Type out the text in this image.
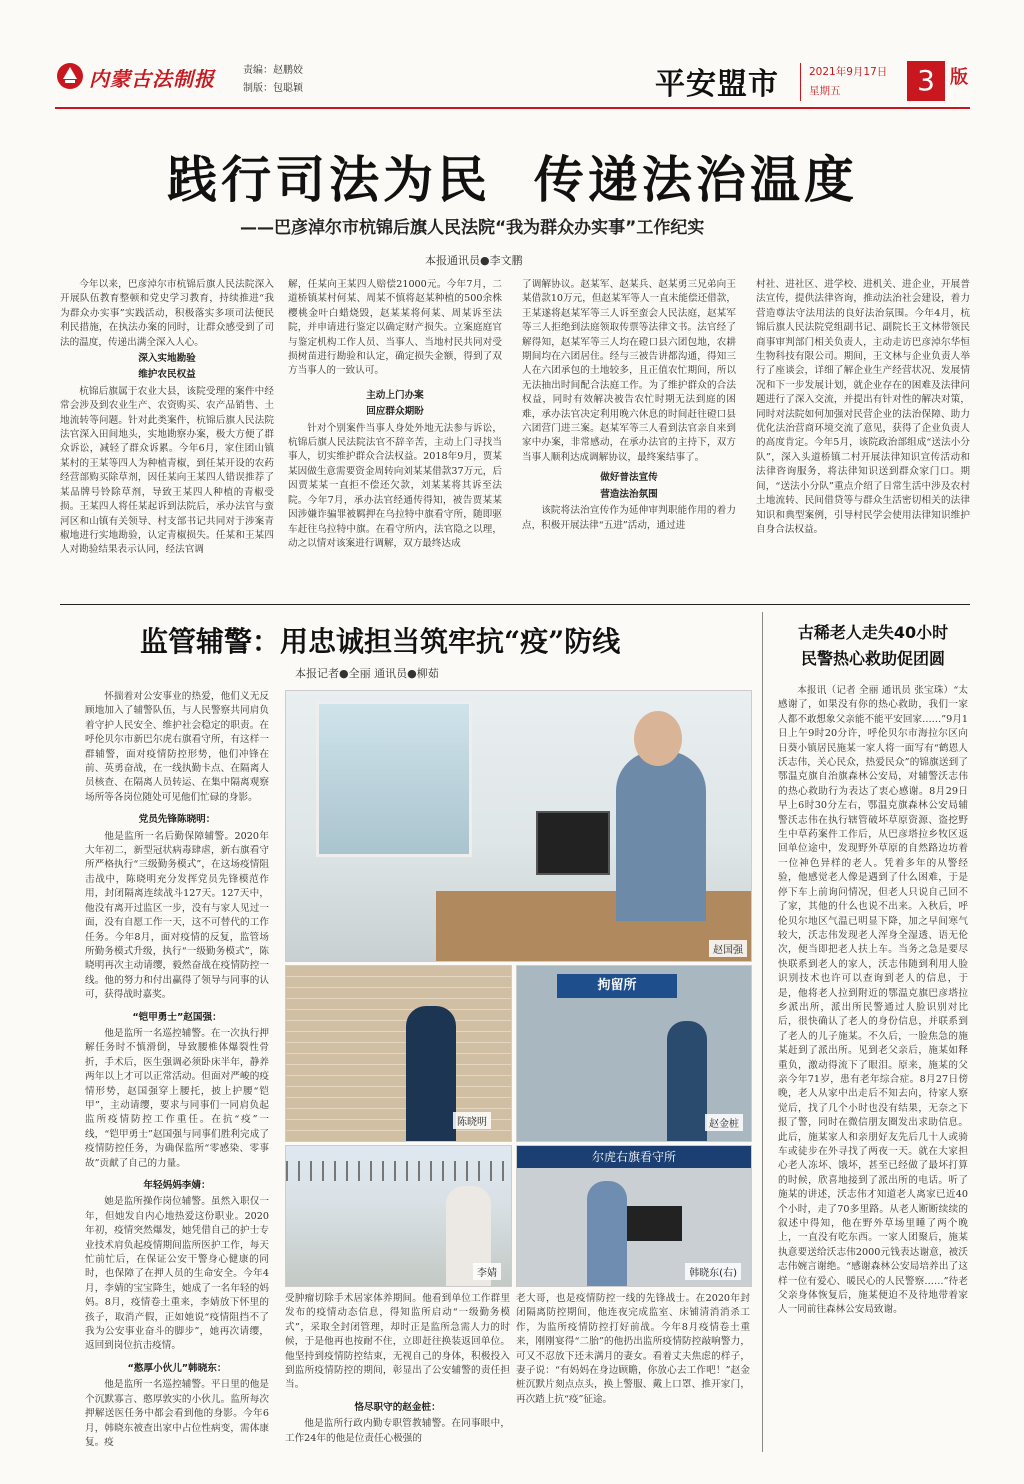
内蒙古法制报	责编：赵鹏姣
制版：包聪颖	平安盟市	2021年9月17日
星期五	3 版
践行司法为民  传递法治温度
——巴彦淖尔市杭锦后旗人民法院“我为群众办实事”工作纪实
本报通讯员●李文鹏

今年以来，巴彦淖尔市杭锦后旗人民法院深入开展队伍教育整顿和党史学习教育，持续推进“我为群众办实事”实践活动，积极落实多项司法便民利民措施，在执法办案的同时，让群众感受到了司法的温度，传递出满全深入人心。

深入实地勘验
维护农民权益

杭锦后旗属于农业大县，该院受理的案件中经常会涉及到农业生产、农资购买、农产品销售、土地流转等问题。针对此类案件，杭锦后旗人民法院法官深入田间地头，实地勘察办案，极大方便了群众诉讼，减轻了群众诉累。今年6月，家住团山镇某村的王某等四人为种植青椒，到任某开设的农药经营部购买除草剂，因任某向王某四人错误推荐了某品牌号铃除草剂，导致王某四人种植的青椒受损。王某四人将任某起诉到法院后，承办法官与蛮河区和山镇有关领导、村支部书记共同对于涉案青椒地进行实地勘验，认定青椒损失。任某和王某四人对勘验结果表示认同，经法官调

解，任某向王某四人赔偿21000元。今年7月，二道桥镇某村何某、周某不慎将赵某种植的500余株樱桃金叶白蜡烧毁，赵某某将何某、周某诉至法院，并申请进行鉴定以确定财产损失。立案庭庭官与鉴定机构工作人员、当事人、当地村民共同对受损树苗进行勘验和认定，确定损失金额，得到了双方当事人的一致认可。

主动上门办案
回应群众期盼

针对个别案件当事人身处外地无法参与诉讼，杭锦后旗人民法院法官不辞辛苦，主动上门寻找当事人，切实维护群众合法权益。2018年9月，贾某某因做生意需要资金周转向刘某某借款37万元，后因贾某某一直拒不偿还欠款，刘某某将其诉至法院。今年7月，承办法官经通传得知，被告贾某某因涉嫌诈骗罪被羁押在乌拉特中旗看守所，随即驱车赶往乌拉特中旗。在看守所内，法官隐之以理，动之以情对该案进行调解，双方最终达成

了调解协议。赵某军、赵某兵、赵某勇三兄弟向王某借款10万元，但赵某军等人一直未能偿还借款，王某遂将赵某军等三人诉至蛮会人民法庭，赵某军等三人拒绝到法庭领取传票等法律文书。法官经了解得知，赵某军等三人均在磴口县六团包地，农耕期间均在六团居住。经与三被告讲都沟通，得知三人在六团承包的土地较多，且正值农忙期间，所以无法抽出时间配合法庭工作。为了维护群众的合法权益，同时有效解决被告农忙时期无法到庭的困难，承办法官决定利用晚六休息的时间赶往磴口县六团营门进三案。赵某军等三人看到法官亲自来到家中办案，非常感动，在承办法官的主持下，双方当事人顺利达成调解协议，最终案结事了。

做好普法宣传
营造法治氛围

该院将法治宣传作为延伸审判职能作用的着力点，积极开展法律“五进”活动，通过进

村社、进社区、进学校、进机关、进企业，开展普法宣传，提供法律咨询，推动法治社会建设，着力营造尊法守法用法的良好法治氛围。今年4月，杭锦后旗人民法院党组副书记、副院长王文林带领民商事审判部门相关负责人，主动走访巴彦淖尔华恒生物科技有限公司。期间，王文林与企业负责人举行了座谈会，详细了解企业生产经营状况、发展情况和下一步发展计划，就企业存在的困难及法律问题进行了深入交流，并提出有针对性的解决对策，同时对法院如何加强对民营企业的法治保障、助力优化法治营商环境交流了意见，获得了企业负责人的高度肯定。今年5月，该院政治部组成“送法小分队”，深入头道桥镇二村开展法律知识宣传活动和法律咨询服务，将法律知识送到群众家门口。期间，“送法小分队”重点介绍了日常生活中涉及农村土地流转、民间借贷等与群众生活密切相关的法律知识和典型案例，引导村民学会使用法律知识维护自身合法权益。

监管辅警：用忠诚担当筑牢抗“疫”防线
本报记者●全丽 通讯员●柳茹

怀揣着对公安事业的热爱，他们义无反顾地加入了辅警队伍，与人民警察共同肩负着守护人民安全、维护社会稳定的职责。在呼伦贝尔市新巴尔虎右旗看守所，有这样一群辅警，面对疫情防控形势，他们冲锋在前、英勇奋战，在一线执勤卡点、在隔离人员核查、在隔离人员转运、在集中隔离观察场所等各岗位随处可见他们忙碌的身影。

党员先锋陈晓明：

他是监所一名后勤保障辅警。2020年大年初二，新型冠状病毒肆虐，新右旗看守所严格执行“三级勤务模式”，在这场疫情阻击战中，陈晓明充分发挥党员先锋模范作用，封闭隔离连续战斗127天。127天中，他没有离开过监区一步，没有与家人见过一面，没有自愿工作一天，这不可替代的工作任务。今年8月，面对疫情的反复，监管场所勤务模式升级，执行“一级勤务模式”，陈晓明再次主动请缨，毅然奋战在疫情防控一线。他的努力和付出赢得了领导与同事的认可，获得战时嘉奖。

“铠甲勇士”赵国强：

他是监所一名巡控辅警。在一次执行押解任务时不慎滑倒，导致腰椎体爆裂性骨折，手术后，医生强调必须卧床半年，静养两年以上才可以正常活动。但面对严峻的疫情形势，赵国强穿上腰托，披上护腰“铠甲”，主动请缨，要求与同事们一同肩负起监所疫情防控工作重任。在抗“疫”一线，“铠甲勇士”赵国强与同事们胜利完成了疫情防控任务，为确保监所“零感染、零事故”贡献了自己的力量。

年轻妈妈李婧：

她是监所操作岗位辅警。虽然入职仅一年，但她发自内心地热爱这份职业。2020年初，疫情突然爆发，她凭借自己的护士专业技术肩负起疫情期间监所医护工作，每天忙前忙后，在保证公安干警身心健康的同时，也保障了在押人员的生命安全。今年4月，李婧的宝宝降生，她成了一名年轻的妈妈。8月，疫情卷土重来，李婧放下怀里的孩子，取消产假，正如她说“疫情阻挡不了我为公安事业奋斗的脚步”，她再次请缨，返回到岗位抗击疫情。

“憨厚小伙儿”韩晓东：

他是监所一名巡控辅警。平日里的他是个沉默寡言、憨厚敦实的小伙儿。监所每次押解送医任务中都会看到他的身影。今年6月，韩晓东被查出家中占位性病变，需体康复。疫

赵国强
陈晓明
拘留所
赵金桩
李婧
尔虎右旗看守所
韩晓东(右)

受肿瘤切除手术居家体养期间。他看到单位工作群里发布的疫情动态信息，得知监所启动“一级勤务模式”，采取全封闭管理，却时正是监所急需人力的时候，于是他再也按耐不住，立即赶往换装返回单位。他坚持到疫情防控结束，无视自己的身体，积极投入到监所疫情防控的期间，彰显出了公安辅警的责任担当。

恪尽职守的赵金桩：

他是监所行政内勤专职管教辅警。在同事眼中，工作24年的他是位责任心极强的

老大哥，也是疫情防控一线的先锋战士。在2020年封闭隔离防控期间，他连夜完成监室、床铺清消消杀工作，为监所疫情防控打好前战。今年8月疫情卷土重来，刚刚宴得“二胎”的他扔出监所疫情防控敲响警力，可又不忍放下还未满月的妻女。看着丈夫焦虑的样子，妻子说：“有妈妈在身边顾瞻，你放心去工作吧！”赵金桩沉默片刻点点头，换上警服、戴上口罩、推开家门，再次踏上抗“疫”征途。

古稀老人走失40小时
民警热心救助促团圆

本报讯（记者 全丽 通讯员 张宝珠）“太感谢了，如果没有你的热心救助，我们一家人都不敢想象父亲能不能平安回家……”9月1日上午9时20分许，呼伦贝尔市海拉尔区向日葵小镇居民施某一家人将一面写有“鹤恩人沃志伟，关心民众，热爱民众”的锦旗送到了鄂温克旗自治旗森林公安局，对辅警沃志伟的热心救助行为表达了衷心感谢。8月29日早上6时30分左右，鄂温克旗森林公安局辅警沃志伟在执行辖管破坏草原资源、盗挖野生中草药案件工作后，从巴彦塔拉乡牧区返回单位途中，发现野外草原的自然路边坊着一位神色异样的老人。凭着多年的从警经验，他感觉老人像是遇到了什么困难，于是停下车上前询问情况，但老人只说自己回不了家，其他的什么也说不出来。入秋后，呼伦贝尔地区气温已明显下降，加之早间寒气较大，沃志伟发现老人浑身全湿透、语无伦次，便当即把老人扶上车。当务之急是要尽快联系到老人的家人，沃志伟随到利用人脸识别技术也许可以查询到老人的信息，于是，他将老人拉到附近的鄂温克旗巴彦塔拉乡派出所，派出所民警通过人脸识别对比后，很快确认了老人的身份信息，并联系到了老人的儿子施某。不久后，一脸焦急的施某赶到了派出所。见到老父亲后，施某如释重负，激动得流下了眼泪。原来，施某的父亲今年71岁，患有老年综合症。8月27日傍晚，老人从家中出走后不知去向，待家人察觉后，找了几个小时也没有结果，无奈之下报了警，同时在微信朋友圈发出求助信息。此后，施某家人和亲朋好友先后几十人或骑车或徒步在外寻找了两夜一天。就在大家担心老人冻坏、饿坏，甚至已经做了最坏打算的时候，欣喜地接到了派出所的电话。听了施某的讲述，沃志伟才知道老人离家已近40个小时，走了70多里路。从老人断断续续的叙述中得知，他在野外草场里睡了两个晚上，一直没有吃东西。一家人团聚后，施某执意要送给沃志伟2000元钱表达谢意，被沃志伟婉言谢绝。“感谢森林公安局培养出了这样一位有爱心、暖民心的人民警察……”待老父亲身体恢复后，施某便迫不及待地带着家人一同前往森林公安局致谢。
